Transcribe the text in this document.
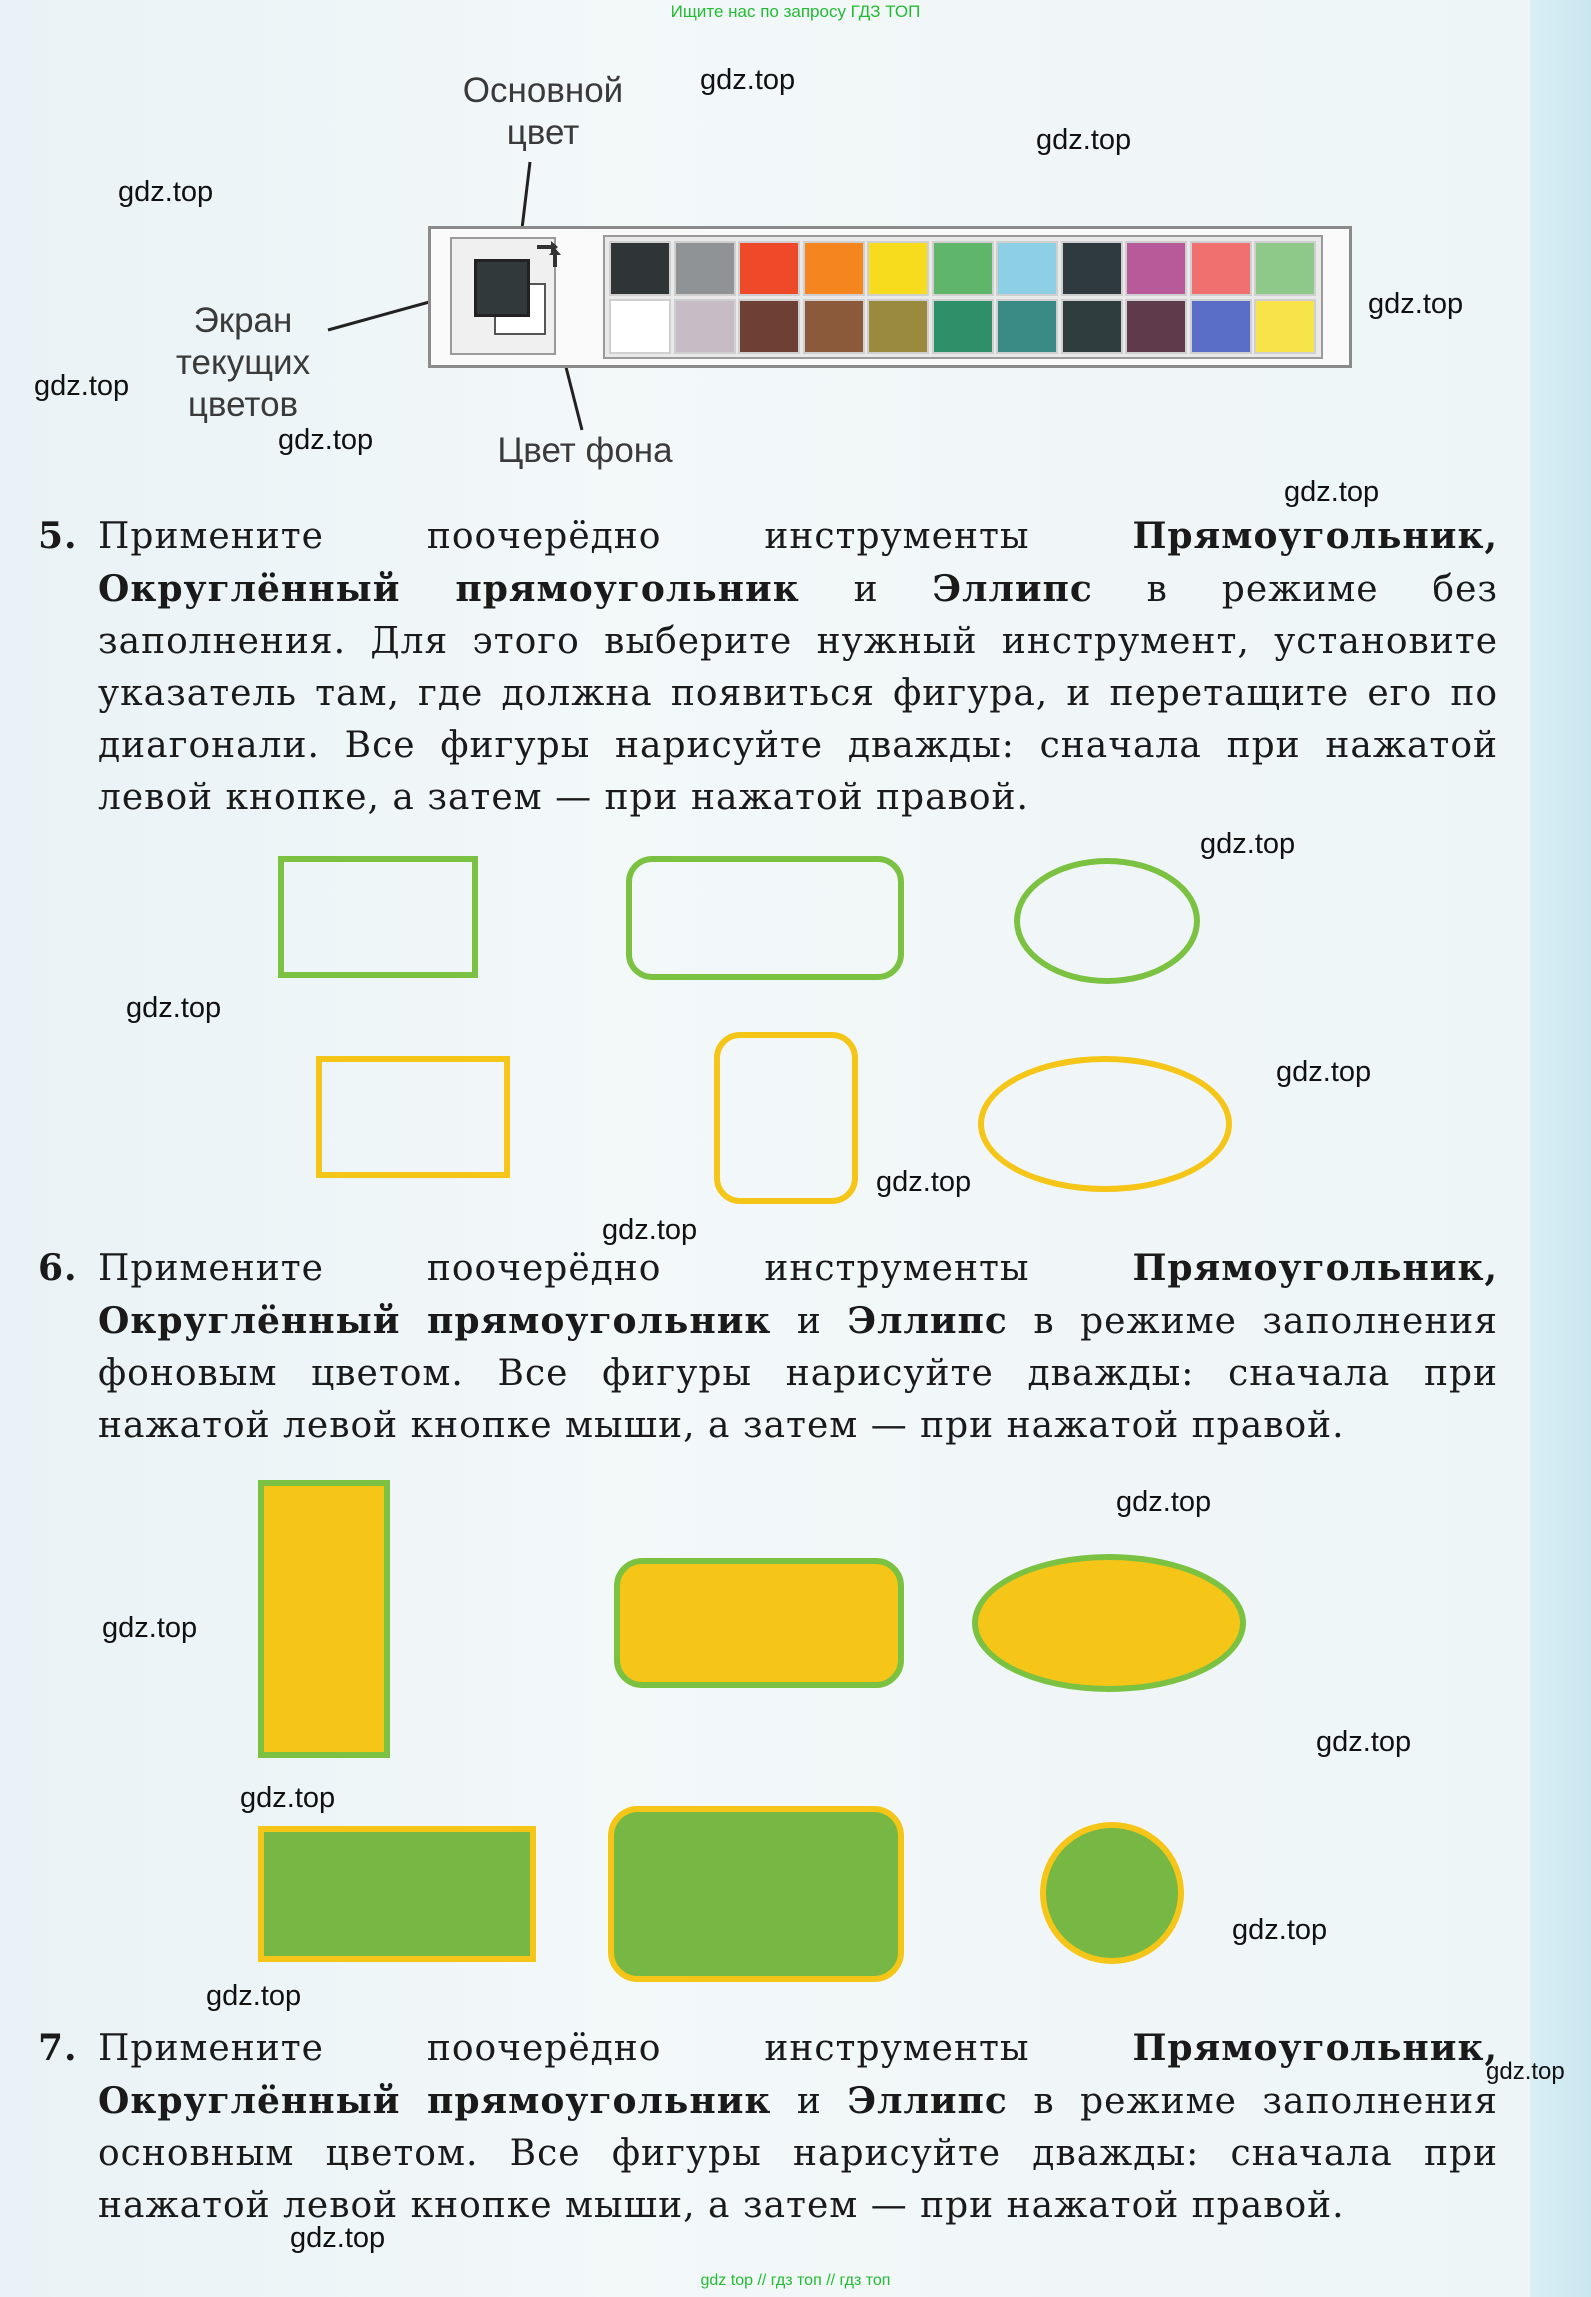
Ищите нас по запросу ГДЗ ТОП
gdz.top
gdz.top
gdz.top
gdz.top
gdz.top
gdz.top
gdz.top
gdz.top
gdz.top
gdz.top
gdz.top
gdz.top
gdz.top
gdz.top
gdz.top
gdz.top
gdz.top
gdz.top
gdz.top
gdz.top
Основной цвет
Экран текущих цветов
Цвет фона
5. Примените поочерёдно инструменты Прямоугольник, Округлённый прямоугольник и Эллипс в режиме без заполнения. Для этого выберите нужный инструмент, установите указатель там, где должна появиться фигура, и перетащите его по диагонали. Все фигуры нарисуйте дважды: сначала при нажатой левой кнопке, а затем — при нажатой правой.
6. Примените поочерёдно инструменты Прямоугольник, Округлённый прямоугольник и Эллипс в режиме заполнения фоновым цветом. Все фигуры нарисуйте дважды: сначала при нажатой левой кнопке мыши, а затем — при нажатой правой.
7. Примените поочерёдно инструменты Прямоугольник, Округлённый прямоугольник и Эллипс в режиме заполнения основным цветом. Все фигуры нарисуйте дважды: сначала при нажатой левой кнопке мыши, а затем — при нажатой правой.
gdz top // гдз топ // гдз топ
